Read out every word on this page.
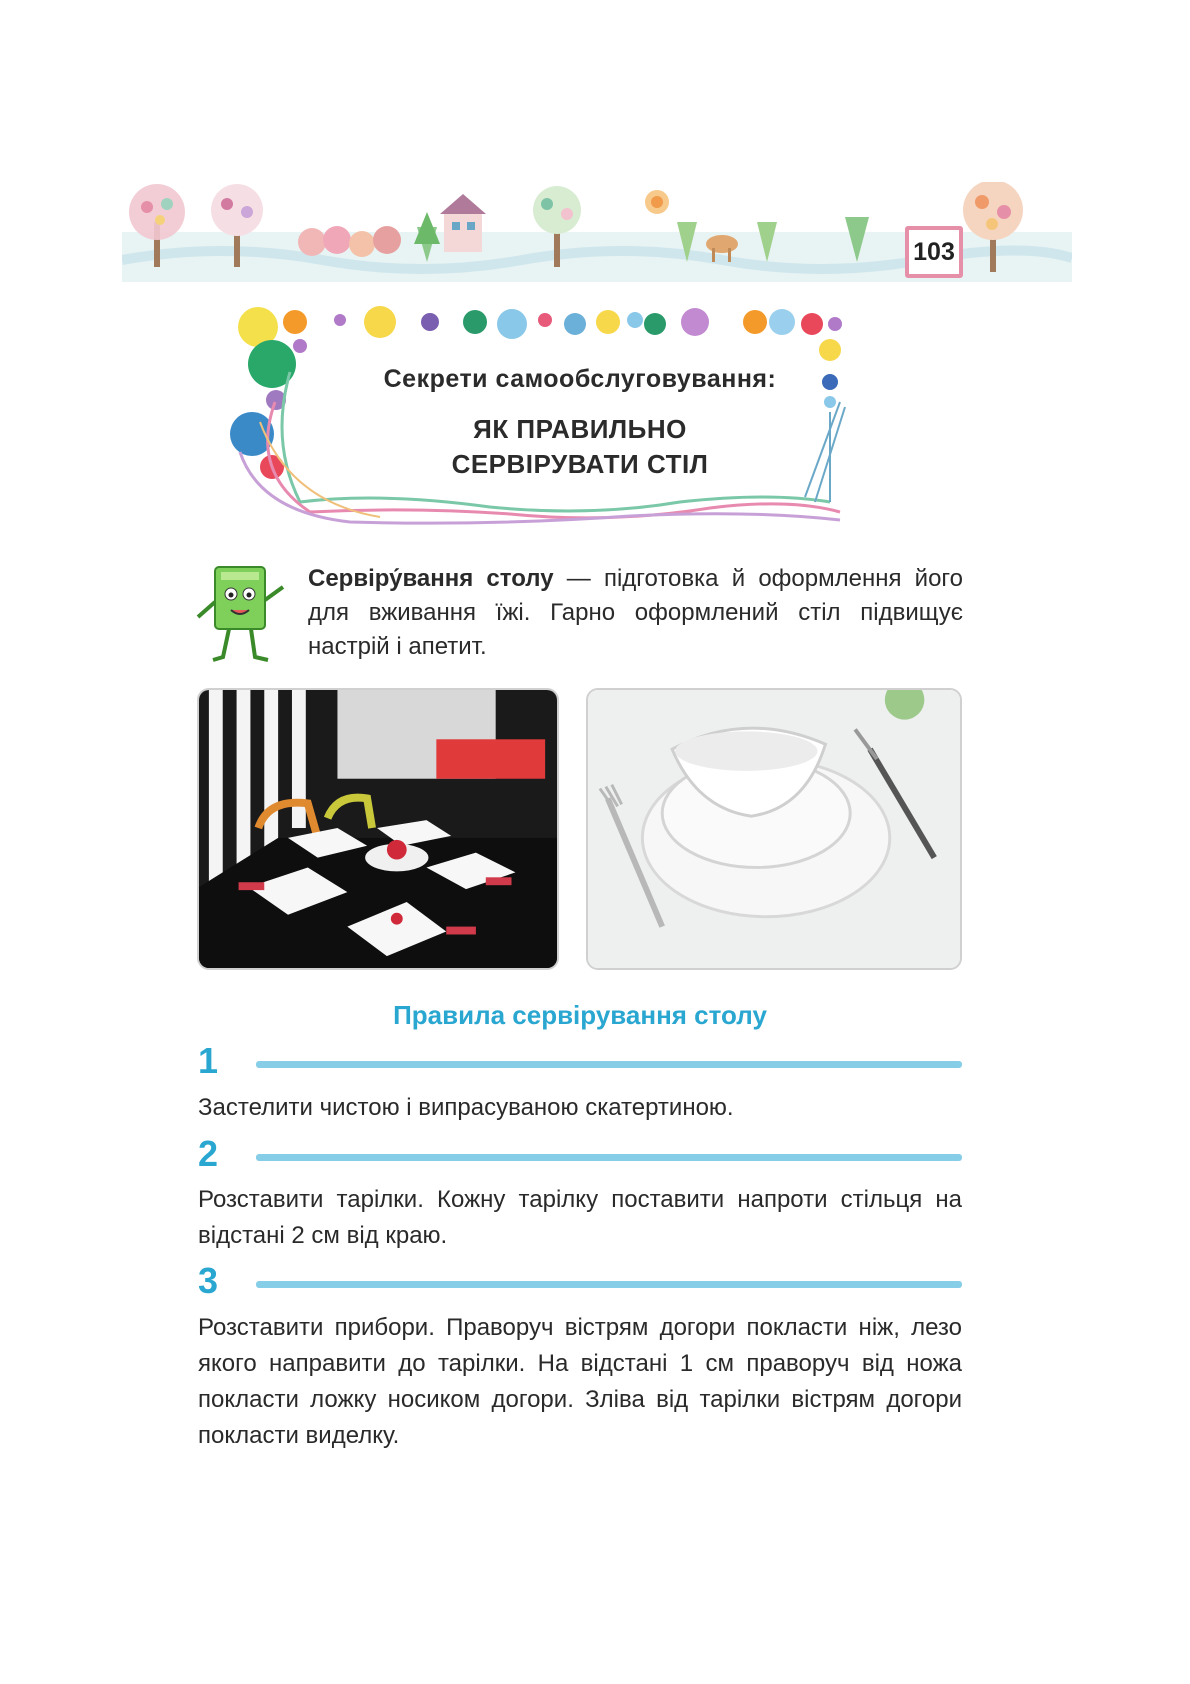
103
Секрети самообслуговування:
ЯК ПРАВИЛЬНО
СЕРВІРУВАТИ СТІЛ
Сервіру́вання столу — підготовка й оформлення його для вживання їжі. Гарно оформлений стіл підвищує настрій і апетит.
Правила сервірування столу
1
Застелити чистою і випрасуваною скатертиною.
2
Розставити тарілки. Кожну тарілку поставити напроти стільця на відстані 2 см від краю.
3
Розставити прибори. Праворуч вістрям догори покласти ніж, лезо якого направити до тарілки. На відстані 1 см праворуч від ножа покласти ложку носиком догори. Зліва від тарілки вістрям догори покласти виделку.
